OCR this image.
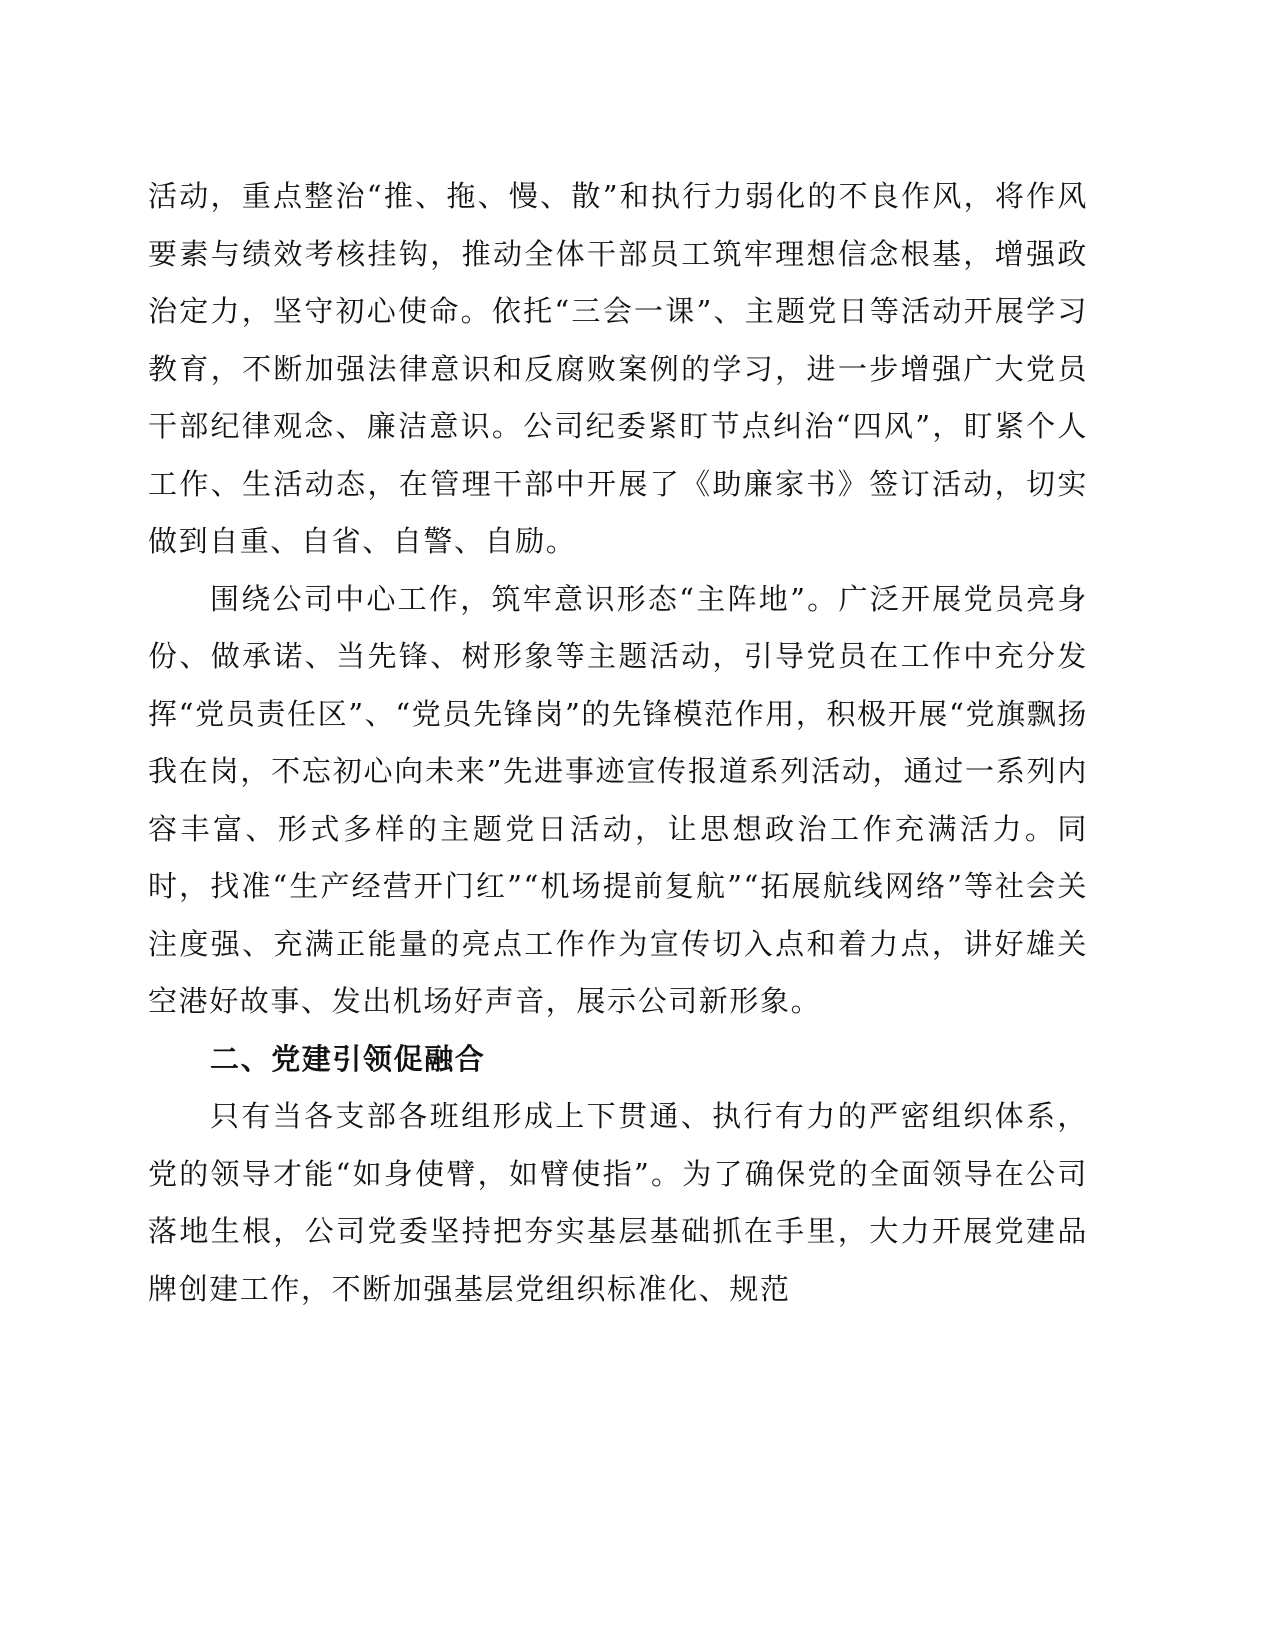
活动，重点整治“推、拖、慢、散”和执行力弱化的不良作风，将作风要素与绩效考核挂钩，推动全体干部员工筑牢理想信念根基，增强政治定力，坚守初心使命。依托“三会一课”、主题党日等活动开展学习教育，不断加强法律意识和反腐败案例的学习，进一步增强广大党员干部纪律观念、廉洁意识。公司纪委紧盯节点纠治“四风”，盯紧个人工作、生活动态，在管理干部中开展了《助廉家书》签订活动，切实做到自重、自省、自警、自励。

围绕公司中心工作，筑牢意识形态“主阵地”。广泛开展党员亮身份、做承诺、当先锋、树形象等主题活动，引导党员在工作中充分发挥“党员责任区”、“党员先锋岗”的先锋模范作用，积极开展“党旗飘扬我在岗，不忘初心向未来”先进事迹宣传报道系列活动，通过一系列内容丰富、形式多样的主题党日活动，让思想政治工作充满活力。同时，找准“生产经营开门红”“机场提前复航”“拓展航线网络”等社会关注度强、充满正能量的亮点工作作为宣传切入点和着力点，讲好雄关空港好故事、发出机场好声音，展示公司新形象。

二、党建引领促融合

只有当各支部各班组形成上下贯通、执行有力的严密组织体系，党的领导才能“如身使臂，如臂使指”。为了确保党的全面领导在公司落地生根，公司党委坚持把夯实基层基础抓在手里，大力开展党建品牌创建工作，不断加强基层党组织标准化、规范
